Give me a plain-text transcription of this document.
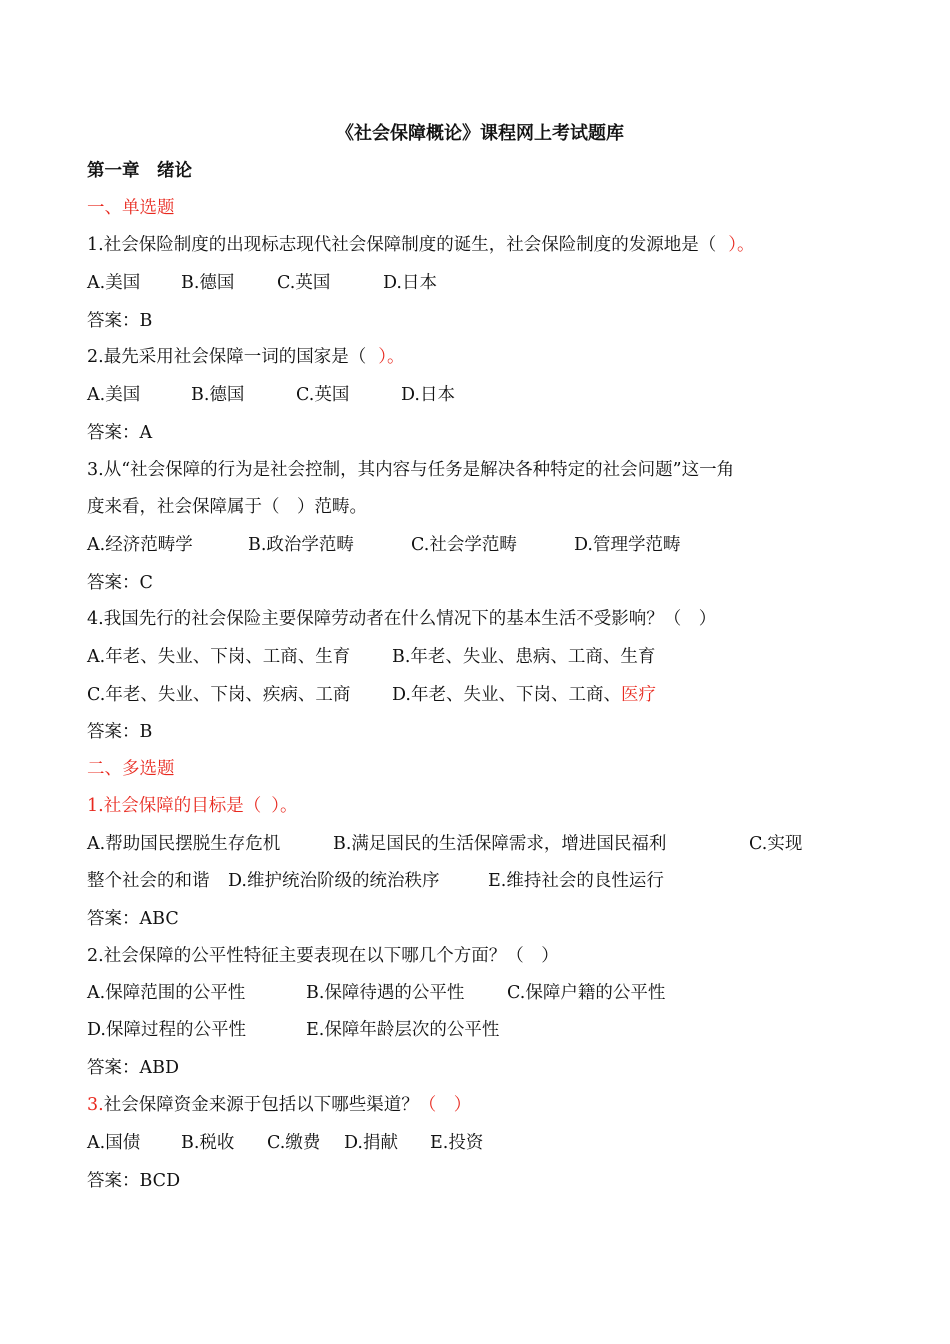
《社会保障概论》课程网上考试题库
第一章　绪论
一、单选题
1.社会保险制度的出现标志现代社会保障制度的诞生，社会保险制度的发源地是（ ）。
A.美国 B.德国 C.英国	D.日本
答案：B
2.最先采用社会保障一词的国家是（ ）。
A.美国	B.德国	C.英国	D.日本
答案：A
3.从“社会保障的行为是社会控制，其内容与任务是解决各种特定的社会问题”这一角
度来看，社会保障属于（　）范畴。
A.经济范畴学	B.政治学范畴	C.社会学范畴	D.管理学范畴
答案：C
4.我国先行的社会保险主要保障劳动者在什么情况下的基本生活不受影响？（　）
A.年老、失业、下岗、工商、生育 B.年老、失业、患病、工商、生育
C.年老、失业、下岗、疾病、工商 D.年老、失业、下岗、工商、医疗
答案：B
二、多选题
1.社会保障的目标是（ ）。
A.帮助国民摆脱生存危机	B.满足国民的生活保障需求，增进国民福利	C.实现
整个社会的和谐 D.维护统治阶级的统治秩序	E.维持社会的良性运行
答案：ABC
2.社会保障的公平性特征主要表现在以下哪几个方面？（　）
A.保障范围的公平性	B.保障待遇的公平性 C.保障户籍的公平性
D.保障过程的公平性	E.保障年龄层次的公平性
答案：ABD
3.社会保障资金来源于包括以下哪些渠道？（　）
A.国债 B.税收 C.缴费 D.捐献 E.投资
答案：BCD
